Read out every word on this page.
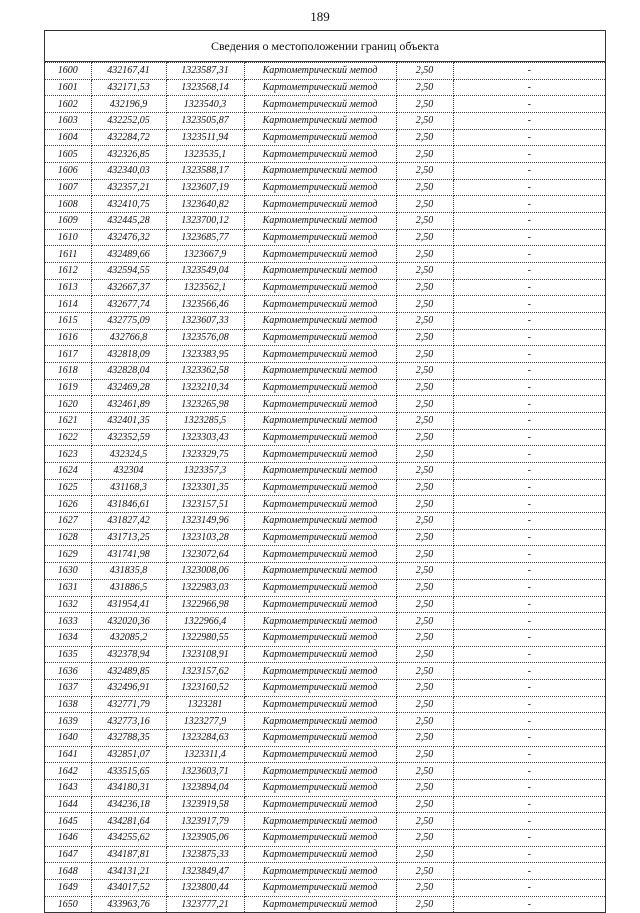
189
Сведения о местоположении границ объекта
1600	432167,41	1323587,31	Картометрический метод	2,50	-
1601	432171,53	1323568,14	Картометрический метод	2,50	-
1602	432196,9	1323540,3	Картометрический метод	2,50	-
1603	432252,05	1323505,87	Картометрический метод	2,50	-
1604	432284,72	1323511,94	Картометрический метод	2,50	-
1605	432326,85	1323535,1	Картометрический метод	2,50	-
1606	432340,03	1323588,17	Картометрический метод	2,50	-
1607	432357,21	1323607,19	Картометрический метод	2,50	-
1608	432410,75	1323640,82	Картометрический метод	2,50	-
1609	432445,28	1323700,12	Картометрический метод	2,50	-
1610	432476,32	1323685,77	Картометрический метод	2,50	-
1611	432489,66	1323667,9	Картометрический метод	2,50	-
1612	432594,55	1323549,04	Картометрический метод	2,50	-
1613	432667,37	1323562,1	Картометрический метод	2,50	-
1614	432677,74	1323566,46	Картометрический метод	2,50	-
1615	432775,09	1323607,33	Картометрический метод	2,50	-
1616	432766,8	1323576,08	Картометрический метод	2,50	-
1617	432818,09	1323383,95	Картометрический метод	2,50	-
1618	432828,04	1323362,58	Картометрический метод	2,50	-
1619	432469,28	1323210,34	Картометрический метод	2,50	-
1620	432461,89	1323265,98	Картометрический метод	2,50	-
1621	432401,35	1323285,5	Картометрический метод	2,50	-
1622	432352,59	1323303,43	Картометрический метод	2,50	-
1623	432324,5	1323329,75	Картометрический метод	2,50	-
1624	432304	1323357,3	Картометрический метод	2,50	-
1625	431168,3	1323301,35	Картометрический метод	2,50	-
1626	431846,61	1323157,51	Картометрический метод	2,50	-
1627	431827,42	1323149,96	Картометрический метод	2,50	-
1628	431713,25	1323103,28	Картометрический метод	2,50	-
1629	431741,98	1323072,64	Картометрический метод	2,50	-
1630	431835,8	1323008,06	Картометрический метод	2,50	-
1631	431886,5	1322983,03	Картометрический метод	2,50	-
1632	431954,41	1322966,98	Картометрический метод	2,50	-
1633	432020,36	1322966,4	Картометрический метод	2,50	-
1634	432085,2	1322980,55	Картометрический метод	2,50	-
1635	432378,94	1323108,91	Картометрический метод	2,50	-
1636	432489,85	1323157,62	Картометрический метод	2,50	-
1637	432496,91	1323160,52	Картометрический метод	2,50	-
1638	432771,79	1323281	Картометрический метод	2,50	-
1639	432773,16	1323277,9	Картометрический метод	2,50	-
1640	432788,35	1323284,63	Картометрический метод	2,50	-
1641	432851,07	1323311,4	Картометрический метод	2,50	-
1642	433515,65	1323603,71	Картометрический метод	2,50	-
1643	434180,31	1323894,04	Картометрический метод	2,50	-
1644	434236,18	1323919,58	Картометрический метод	2,50	-
1645	434281,64	1323917,79	Картометрический метод	2,50	-
1646	434255,62	1323905,06	Картометрический метод	2,50	-
1647	434187,81	1323875,33	Картометрический метод	2,50	-
1648	434131,21	1323849,47	Картометрический метод	2,50	-
1649	434017,52	1323800,44	Картометрический метод	2,50	-
1650	433963,76	1323777,21	Картометрический метод	2,50	-
